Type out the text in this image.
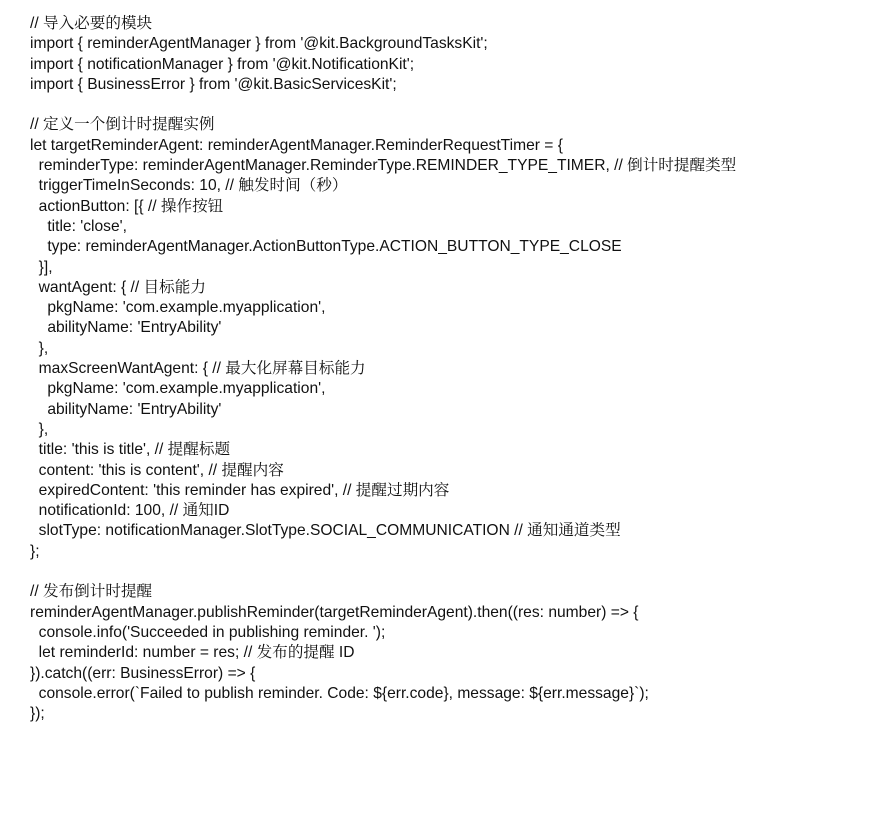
// 导入必要的模块
import { reminderAgentManager } from '@kit.BackgroundTasksKit';
import { notificationManager } from '@kit.NotificationKit';
import { BusinessError } from '@kit.BasicServicesKit';
// 定义一个倒计时提醒实例
let targetReminderAgent: reminderAgentManager.ReminderRequestTimer = {
reminderType: reminderAgentManager.ReminderType.REMINDER_TYPE_TIMER, // 倒计时提醒类型
triggerTimeInSeconds: 10, // 触发时间（秒）
actionButton: [{ // 操作按钮
title: 'close',
type: reminderAgentManager.ActionButtonType.ACTION_BUTTON_TYPE_CLOSE
}],
wantAgent: { // 目标能力
pkgName: 'com.example.myapplication',
abilityName: 'EntryAbility'
},
maxScreenWantAgent: { // 最大化屏幕目标能力
pkgName: 'com.example.myapplication',
abilityName: 'EntryAbility'
},
title: 'this is title', // 提醒标题
content: 'this is content', // 提醒内容
expiredContent: 'this reminder has expired', // 提醒过期内容
notificationId: 100, // 通知ID
slotType: notificationManager.SlotType.SOCIAL_COMMUNICATION // 通知通道类型
};
// 发布倒计时提醒
reminderAgentManager.publishReminder(targetReminderAgent).then((res: number) => {
console.info('Succeeded in publishing reminder. ');
let reminderId: number = res; // 发布的提醒 ID
}).catch((err: BusinessError) => {
console.error(`Failed to publish reminder. Code: ${err.code}, message: ${err.message}`);
});
